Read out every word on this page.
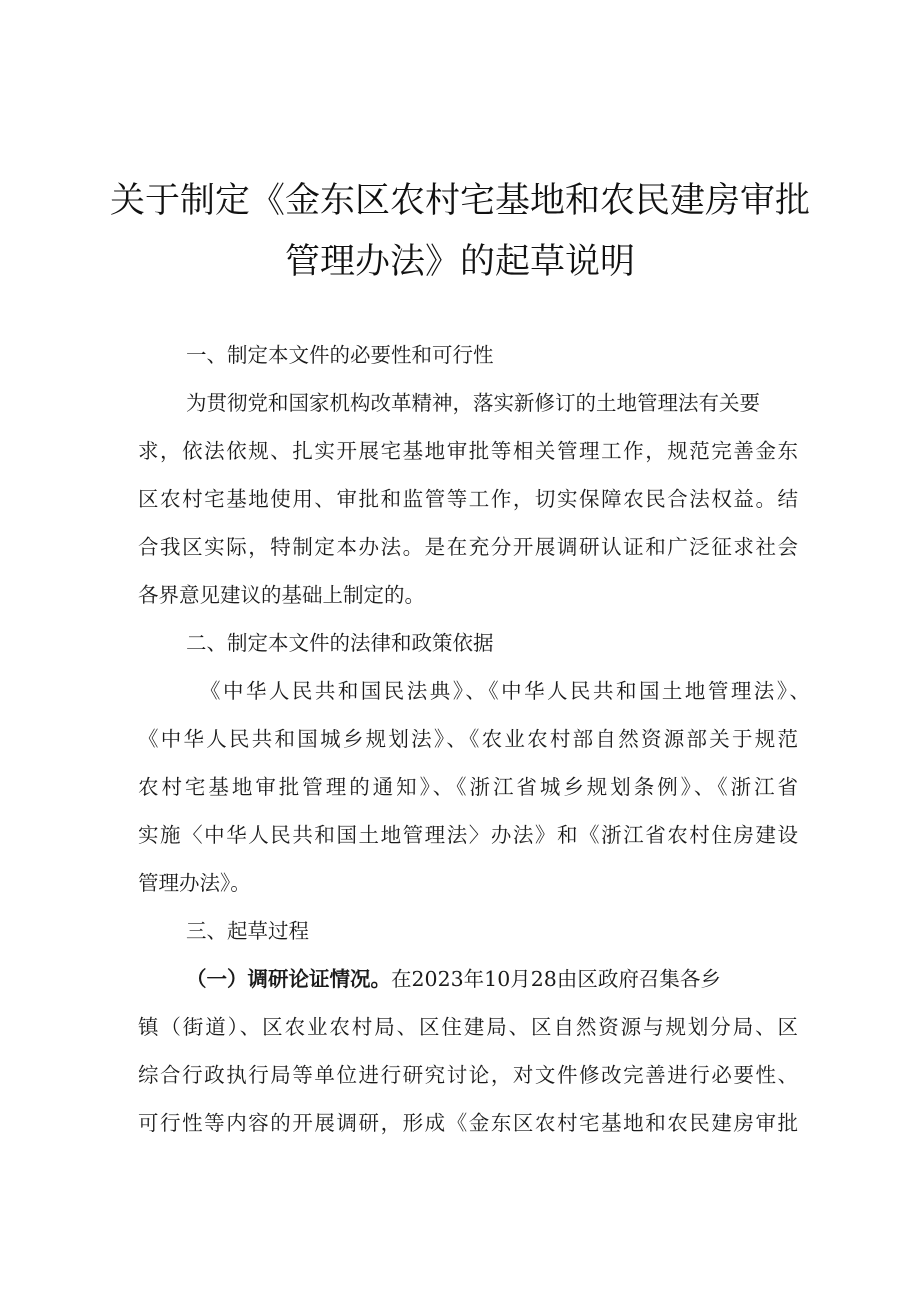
关于制定《金东区农村宅基地和农民建房审批
管理办法》的起草说明
一、制定本文件的必要性和可行性
为贯彻党和国家机构改革精神，落实新修订的土地管理法有关要
求，依法依规、扎实开展宅基地审批等相关管理工作，规范完善金东
区农村宅基地使用、审批和监管等工作，切实保障农民合法权益。结
合我区实际，特制定本办法。是在充分开展调研认证和广泛征求社会
各界意见建议的基础上制定的。
二、制定本文件的法律和政策依据
《中华人民共和国民法典》、《中华人民共和国土地管理法》、
《中华人民共和国城乡规划法》、《农业农村部自然资源部关于规范
农村宅基地审批管理的通知》、《浙江省城乡规划条例》、《浙江省
实施〈中华人民共和国土地管理法〉办法》和《浙江省农村住房建设
管理办法》。
三、起草过程
（一）调研论证情况。在2023年10月28由区政府召集各乡
镇（街道）、区农业农村局、区住建局、区自然资源与规划分局、区
综合行政执行局等单位进行研究讨论，对文件修改完善进行必要性、
可行性等内容的开展调研，形成《金东区农村宅基地和农民建房审批
